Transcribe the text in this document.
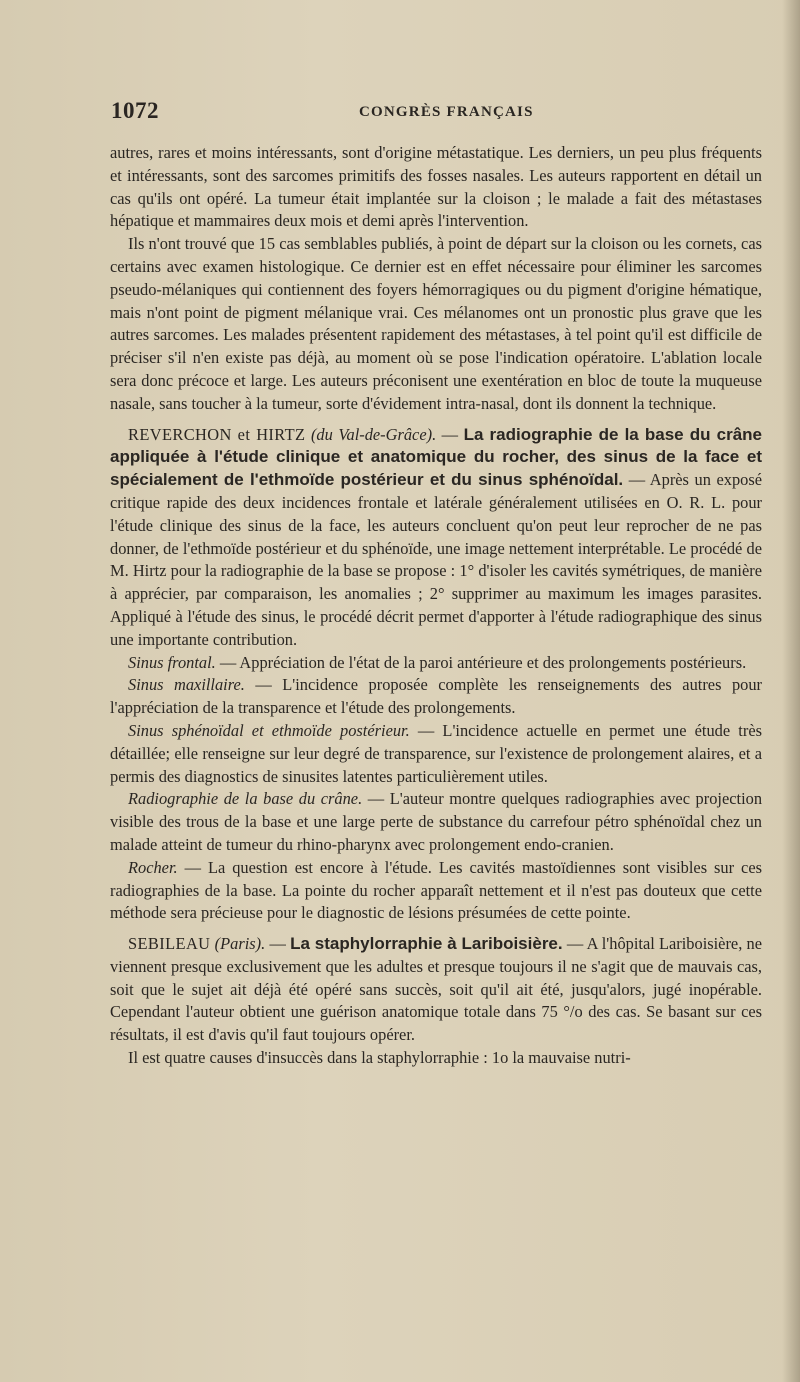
1072	CONGRÈS FRANÇAIS

autres, rares et moins intéressants, sont d'origine métastatique. Les derniers, un peu plus fréquents et intéressants, sont des sarcomes primitifs des fosses nasales. Les auteurs rapportent en détail un cas qu'ils ont opéré. La tumeur était implantée sur la cloison ; le malade a fait des métastases hépatique et mammaires deux mois et demi après l'intervention.

Ils n'ont trouvé que 15 cas semblables publiés, à point de départ sur la cloison ou les cornets, cas certains avec examen histologique. Ce dernier est en effet nécessaire pour éliminer les sarcomes pseudo-mélaniques qui contiennent des foyers hémorragiques ou du pigment d'origine hématique, mais n'ont point de pigment mélanique vrai. Ces mélanomes ont un pronostic plus grave que les autres sarcomes. Les malades présentent rapidement des métastases, à tel point qu'il est difficile de préciser s'il n'en existe pas déjà, au moment où se pose l'indication opératoire. L'ablation locale sera donc précoce et large. Les auteurs préconisent une exentération en bloc de toute la muqueuse nasale, sans toucher à la tumeur, sorte d'évidement intra-nasal, dont ils donnent la technique.

REVERCHON et HIRTZ (du Val-de-Grâce). — La radiographie de la base du crâne appliquée à l'étude clinique et anatomique du rocher, des sinus de la face et spécialement de l'ethmoïde postérieur et du sinus sphénoïdal. — Après un exposé critique rapide des deux incidences frontale et latérale généralement utilisées en O. R. L. pour l'étude clinique des sinus de la face, les auteurs concluent qu'on peut leur reprocher de ne pas donner, de l'ethmoïde postérieur et du sphénoïde, une image nettement interprétable. Le procédé de M. Hirtz pour la radiographie de la base se propose : 1° d'isoler les cavités symétriques, de manière à apprécier, par comparaison, les anomalies ; 2° supprimer au maximum les images parasites. Appliqué à l'étude des sinus, le procédé décrit permet d'apporter à l'étude radiographique des sinus une importante contribution.

Sinus frontal. — Appréciation de l'état de la paroi antérieure et des prolongements postérieurs.

Sinus maxillaire. — L'incidence proposée complète les renseignements des autres pour l'appréciation de la transparence et l'étude des prolongements.

Sinus sphénoïdal et ethmoïde postérieur. — L'incidence actuelle en permet une étude très détaillée; elle renseigne sur leur degré de transparence, sur l'existence de prolongement alaires, et a permis des diagnostics de sinusites latentes particulièrement utiles.

Radiographie de la base du crâne. — L'auteur montre quelques radiographies avec projection visible des trous de la base et une large perte de substance du carrefour pétro sphénoïdal chez un malade atteint de tumeur du rhino-pharynx avec prolongement endo-cranien.

Rocher. — La question est encore à l'étude. Les cavités mastoïdiennes sont visibles sur ces radiographies de la base. La pointe du rocher apparaît nettement et il n'est pas douteux que cette méthode sera précieuse pour le diagnostic de lésions présumées de cette pointe.

SEBILEAU (Paris). — La staphylorraphie à Lariboisière. — A l'hôpital Lariboisière, ne viennent presque exclusivement que les adultes et presque toujours il ne s'agit que de mauvais cas, soit que le sujet ait déjà été opéré sans succès, soit qu'il ait été, jusqu'alors, jugé inopérable. Cependant l'auteur obtient une guérison anatomique totale dans 75 °/o des cas. Se basant sur ces résultats, il est d'avis qu'il faut toujours opérer.

Il est quatre causes d'insuccès dans la staphylorraphie : 1o la mauvaise nutri-
